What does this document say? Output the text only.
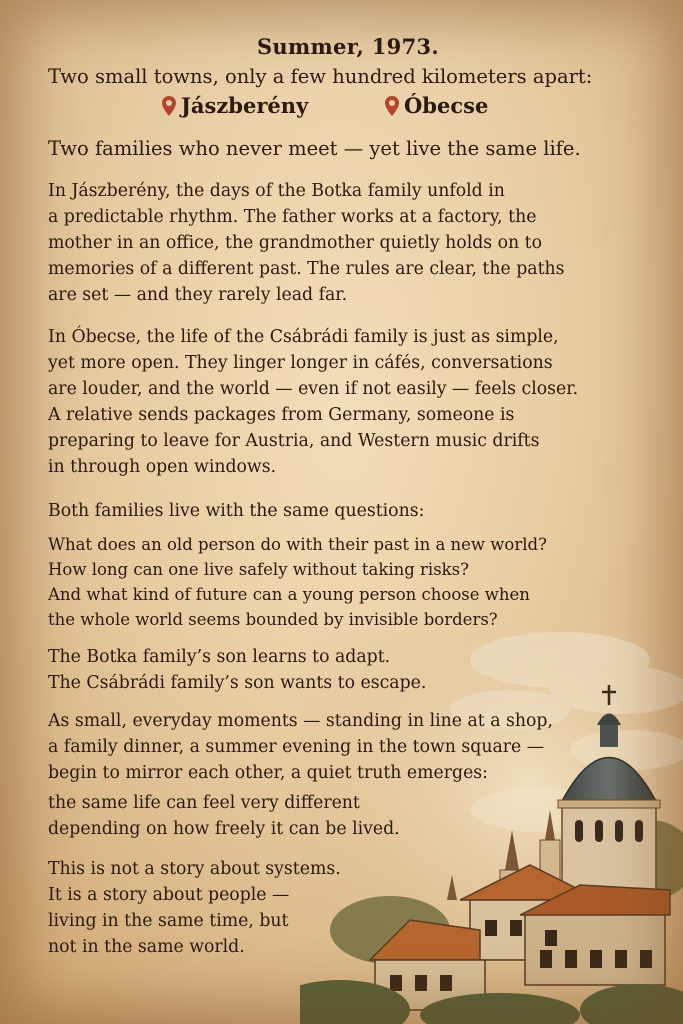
Summer, 1973.

Two small towns, only a few hundred kilometers apart:

Jászberény	Óbecse

Two families who never meet — yet live the same life.

In Jászberény, the days of the Botka family unfold in
a predictable rhythm. The father works at a factory, the
mother in an office, the grandmother quietly holds on to
memories of a different past. The rules are clear, the paths
are set — and they rarely lead far.

In Óbecse, the life of the Csábrádi family is just as simple,
yet more open. They linger longer in cáfés, conversations
are louder, and the world — even if not easily — feels closer.
A relative sends packages from Germany, someone is
preparing to leave for Austria, and Western music drifts
in through open windows.

Both families live with the same questions:

What does an old person do with their past in a new world?
How long can one live safely without taking risks?
And what kind of future can a young person choose when
the whole world seems bounded by invisible borders?

The Botka family’s son learns to adapt.
The Csábrádi family’s son wants to escape.

As small, everyday moments — standing in line at a shop,
a family dinner, a summer evening in the town square —
begin to mirror each other, a quiet truth emerges:

the same life can feel very different
depending on how freely it can be lived.

This is not a story about systems.
It is a story about people —
living in the same time, but
not in the same world.
